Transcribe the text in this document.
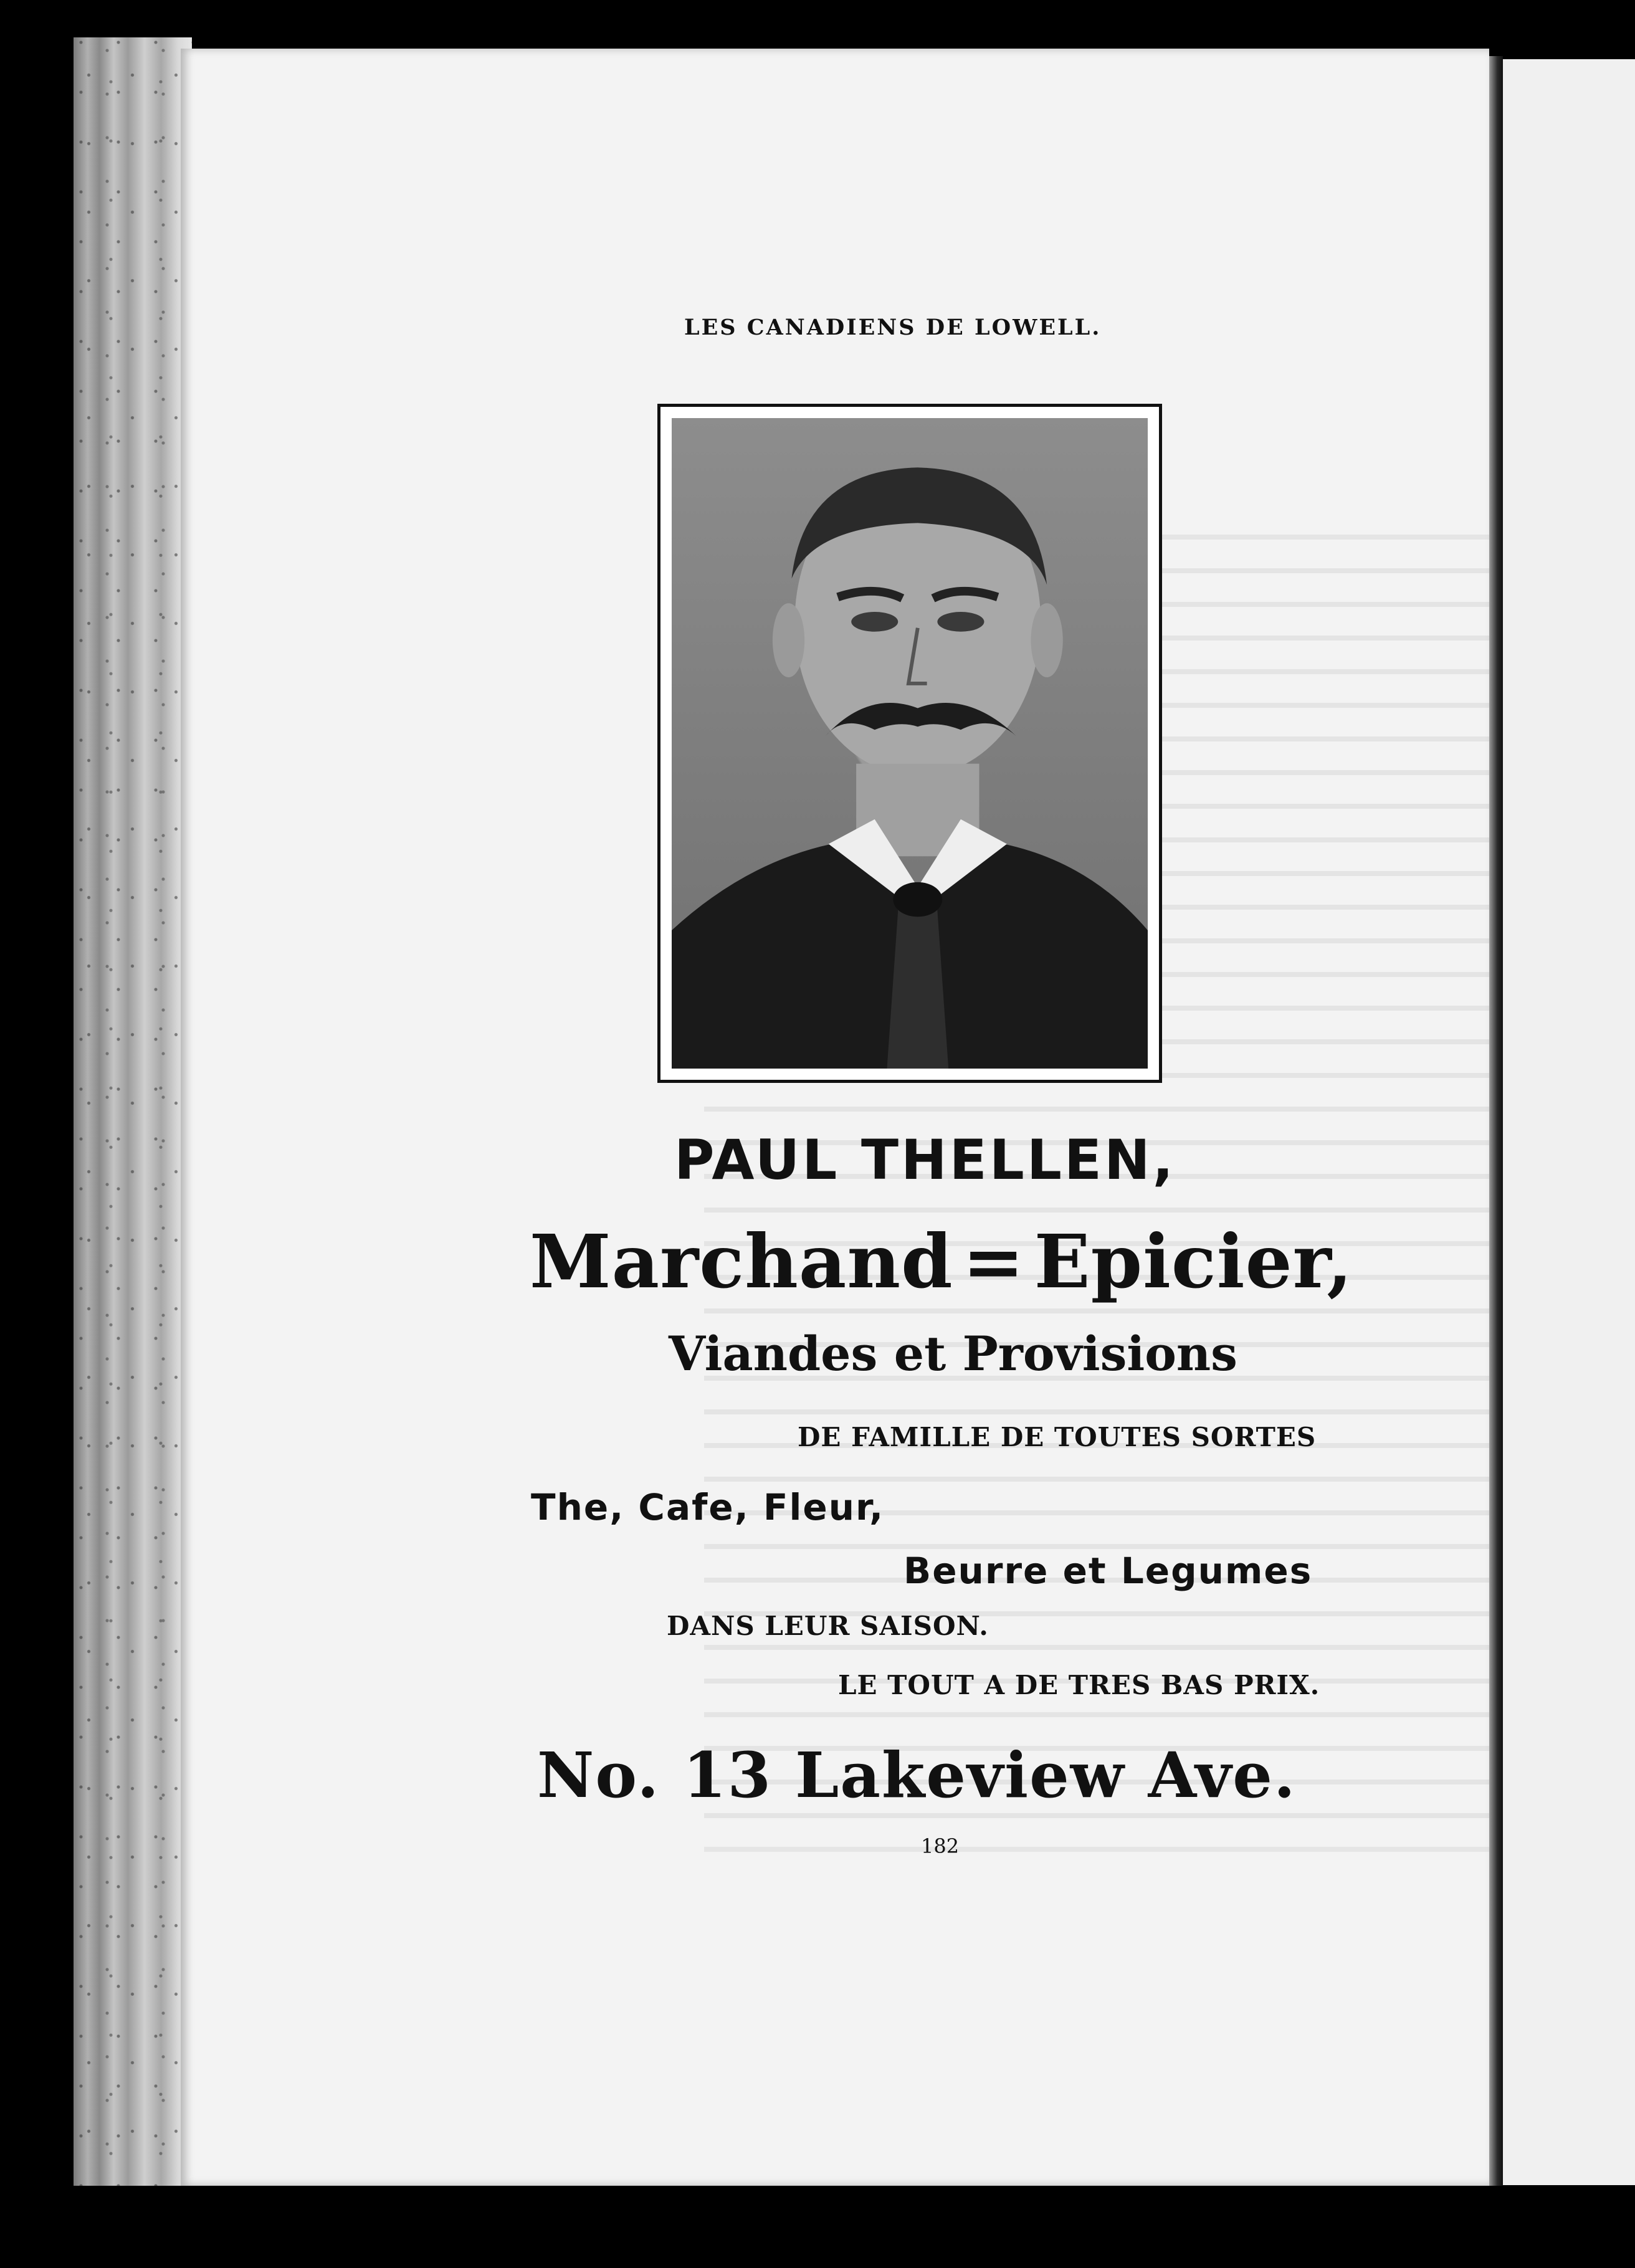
LES CANADIENS DE LOWELL.
PAUL THELLEN,
Marchand = Epicier,
Viandes et Provisions
DE FAMILLE DE TOUTES SORTES
The, Cafe, Fleur,
Beurre et Legumes
DANS LEUR SAISON.
LE TOUT A DE TRES BAS PRIX.
No. 13 Lakeview Ave.
182
